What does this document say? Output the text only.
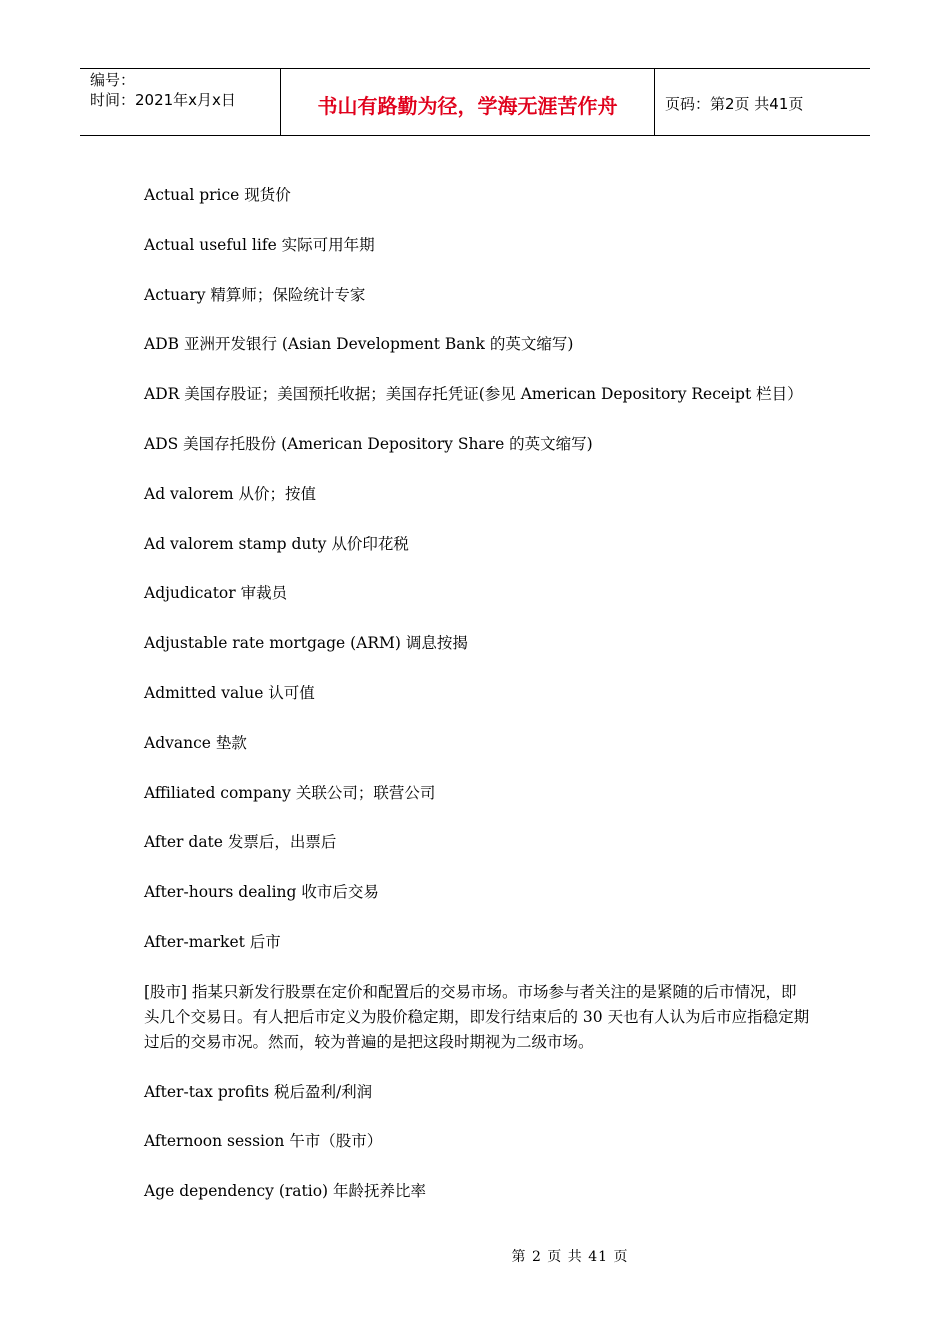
编号：
时间：2021年x月x日	书山有路勤为径，学海无涯苦作舟	页码：第2页 共41页
Actual price 现货价
Actual useful life 实际可用年期
Actuary 精算师；保险统计专家
ADB 亚洲开发银行 (Asian Development Bank 的英文缩写)
ADR 美国存股证；美国预托收据；美国存托凭证(参见 American Depository Receipt 栏目）
ADS 美国存托股份 (American Depository Share 的英文缩写)
Ad valorem 从价；按值
Ad valorem stamp duty 从价印花税
Adjudicator 审裁员
Adjustable rate mortgage (ARM) 调息按揭
Admitted value 认可值
Advance 垫款
Affiliated company 关联公司；联营公司
After date 发票后，出票后
After-hours dealing 收市后交易
After-market 后市
[股市] 指某只新发行股票在定价和配置后的交易市场。市场参与者关注的是紧随的后市情况，即头几个交易日。有人把后市定义为股价稳定期，即发行结束后的 30 天也有人认为后市应指稳定期过后的交易市况。然而，较为普遍的是把这段时期视为二级市场。
After-tax profits 税后盈利/利润
Afternoon session 午市（股市）
Age dependency (ratio) 年龄抚养比率
第 2 页 共 41 页
